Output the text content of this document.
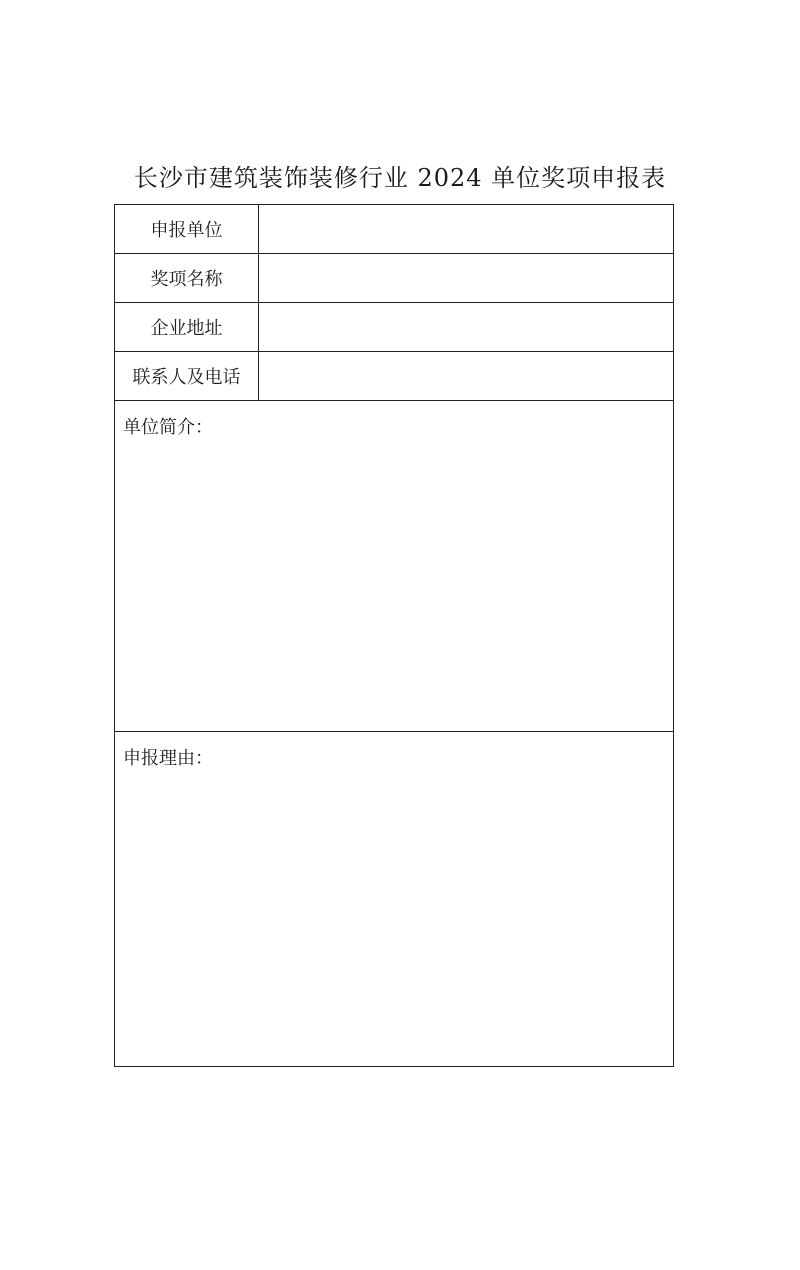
长沙市建筑装饰装修行业 2024 单位奖项申报表
申报单位
奖项名称
企业地址
联系人及电话
单位简介：
申报理由：
